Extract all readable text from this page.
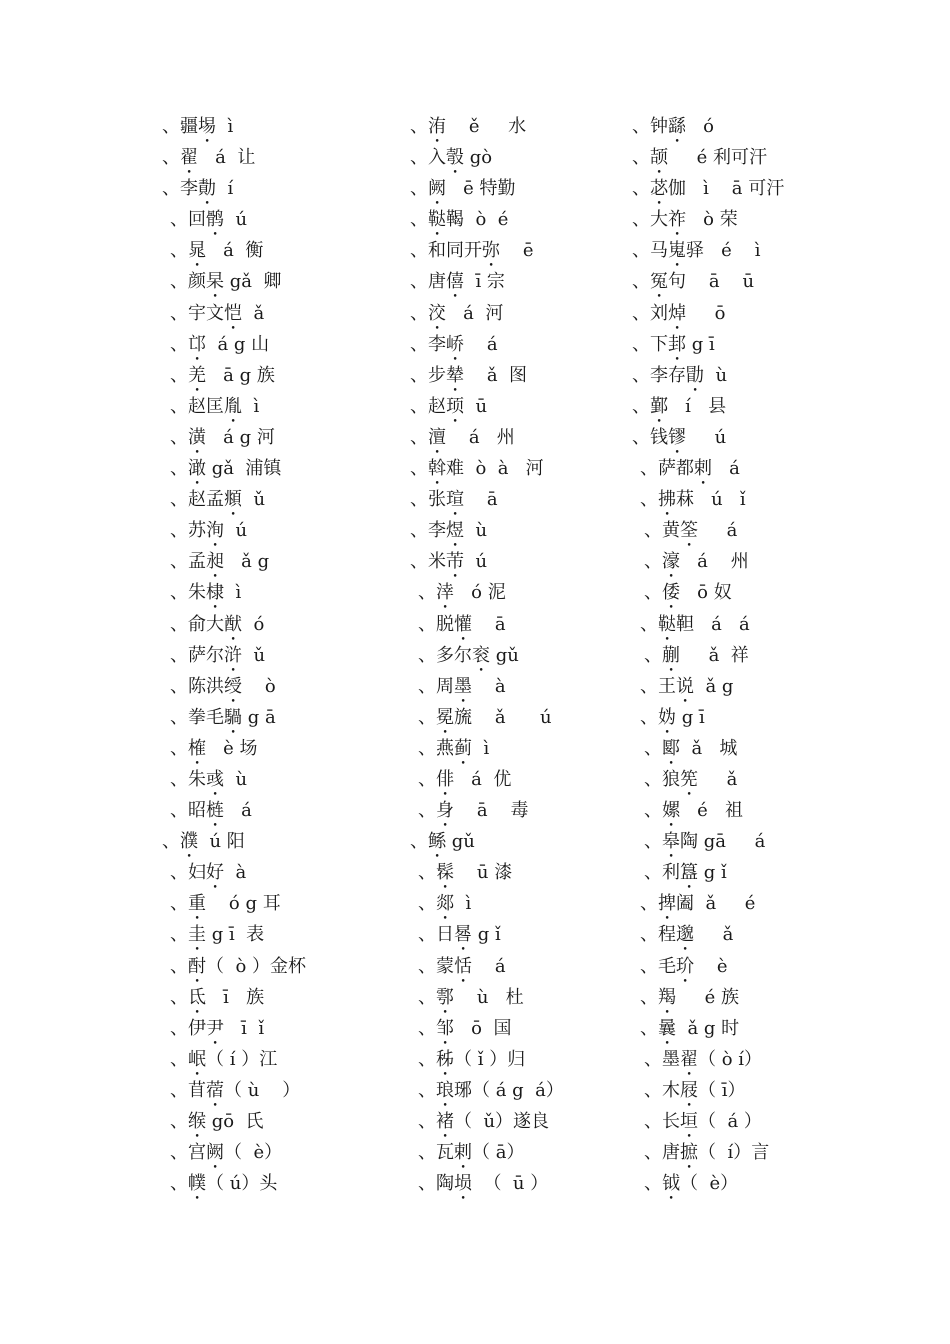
、疆埸  ì
、翟   á  让
、李勣  í
、回鹘  ú
、晁   á  衡
、颜杲 gǎ  卿
、宇文恺  ǎ
、邙  á g 山
、羌   ā g 族
、赵匡胤  ì
、潢   á g 河
、澉 gǎ  浦镇
、赵孟頫  ǔ
、苏洵  ú
、孟昶   ǎ g
、朱棣  ì
、俞大猷  ó
、萨尔浒  ǔ
、陈洪绶    ò
、拳毛騧 g ā
、榷   è 场
、朱彧  ù
、昭梿   á
、濮  ú 阳
、妇好  à
、重    ó g 耳
、圭 g ī  表
、酎（  ò ）金杯
、氐   ī   族
、伊尹   ī  ǐ
、岷（ í ）江
、苜蓿（ ù    ）
、缑 gō  氏
、宫阙（  è）
、幞（ ú）头
、洧    ě     水
、入彀 gò
、阙   ē 特勤
、鞑鞨  ò  é
、和同开弥    ē
、唐僖  ī 宗
、洨   á  河
、李峤    á
、步辇    ǎ  图
、赵顼  ū
、澶    á   州
、斡难  ò  à   河
、张瑄    ā
、李煜  ù
、米芾  ú
、涬   ó 泥
、脱懽    ā
、多尔衮 gǔ
、周墨    à
、冕旒    ǎ      ú
、燕蓟  ì
、俳   á  优
、身    ā    毒
、鲧 gǔ
、髹    ū 漆
、郯  ì
、日晷 g ǐ
、蒙恬    á
、鄠    ù   杜
、邹   ō  国
、秭（ ǐ ）归
、琅琊（ á g  á）
、褚（  ǔ）遂良
、瓦剌（ ā）
、陶埙  （  ū ）
、钟繇   ó
、颉     é 利可汗
、苾伽   ì    ā 可汗
、大祚   ò 荣
、马嵬驿   é    ì
、冤句    ā    ū
、刘焯     ō
、下邽 g ī
、李存勖  ù
、鄞   í   县
、钱镠     ú
、萨都剌   á
、拂菻   ú   ǐ
、黄筌     á
、濠   á    州
、倭   ō 奴
、鞑靼   á   á
、蒯     ǎ  祥
、王说  ǎ g
、妫 g ī
、郾  ǎ   城
、狼筅     ǎ
、嫘   é   祖
、皋陶 gā     á
、利簋 g ǐ
、捭阖  ǎ     é
、程邈     ǎ
、毛玠    è
、羯     é 族
、曩  ǎ g 时
、墨翟（ ò í）
、木屐（ ī）
、长垣（  á ）
、唐摭（  í）言
、钺（  è）
